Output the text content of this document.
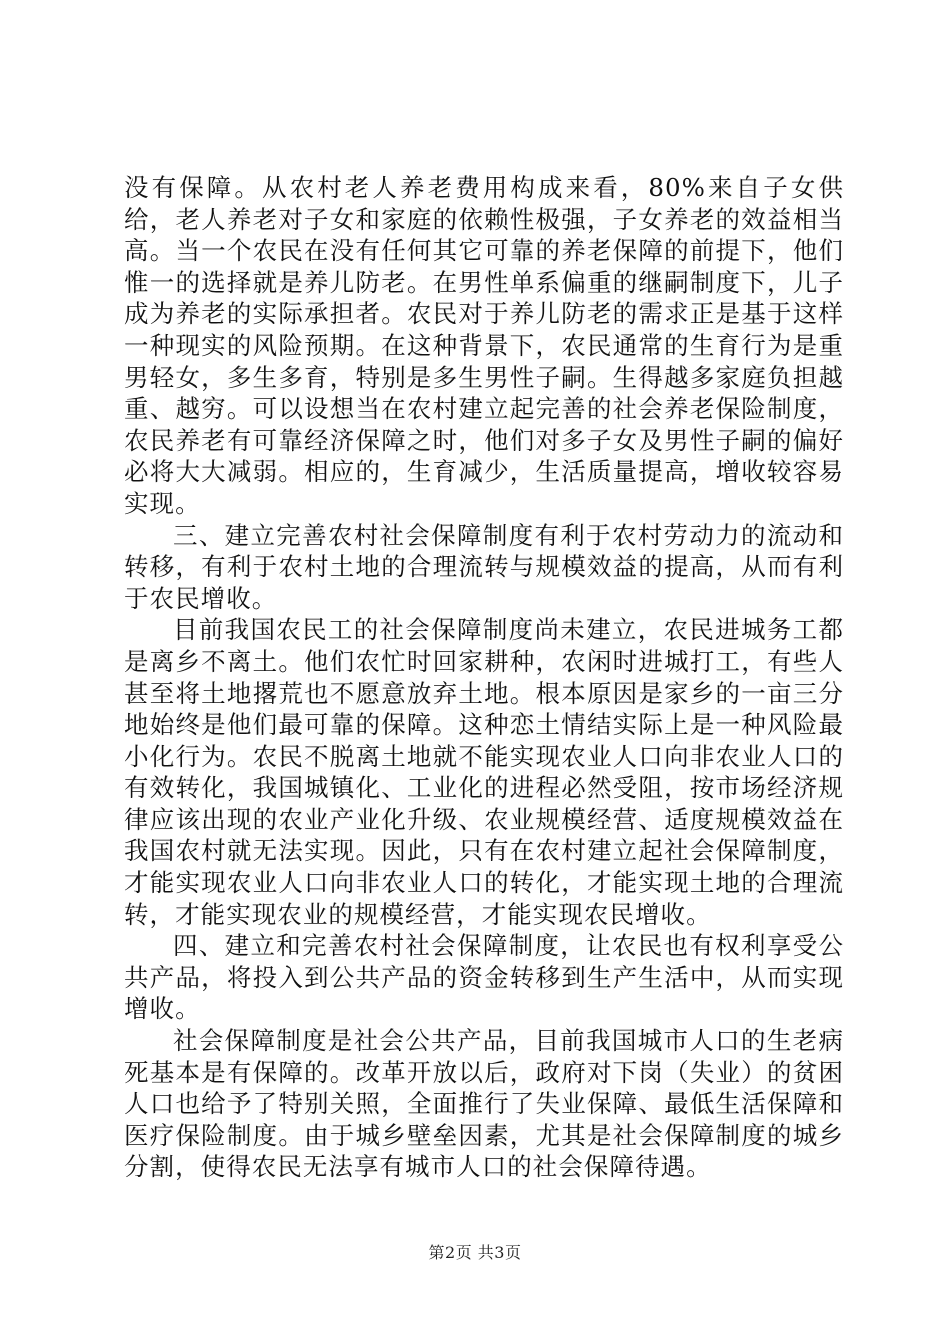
没有保障。从农村老人养老费用构成来看，80%来自子女供给，老人养老对子女和家庭的依赖性极强，子女养老的效益相当高。当一个农民在没有任何其它可靠的养老保障的前提下，他们惟一的选择就是养儿防老。在男性单系偏重的继嗣制度下，儿子成为养老的实际承担者。农民对于养儿防老的需求正是基于这样一种现实的风险预期。在这种背景下，农民通常的生育行为是重男轻女，多生多育，特别是多生男性子嗣。生得越多家庭负担越重、越穷。可以设想当在农村建立起完善的社会养老保险制度，农民养老有可靠经济保障之时，他们对多子女及男性子嗣的偏好必将大大减弱。相应的，生育减少，生活质量提高，增收较容易实现。

三、建立完善农村社会保障制度有利于农村劳动力的流动和转移，有利于农村土地的合理流转与规模效益的提高，从而有利于农民增收。

目前我国农民工的社会保障制度尚未建立，农民进城务工都是离乡不离土。他们农忙时回家耕种，农闲时进城打工，有些人甚至将土地撂荒也不愿意放弃土地。根本原因是家乡的一亩三分地始终是他们最可靠的保障。这种恋土情结实际上是一种风险最小化行为。农民不脱离土地就不能实现农业人口向非农业人口的有效转化，我国城镇化、工业化的进程必然受阻，按市场经济规律应该出现的农业产业化升级、农业规模经营、适度规模效益在我国农村就无法实现。因此，只有在农村建立起社会保障制度，才能实现农业人口向非农业人口的转化，才能实现土地的合理流转，才能实现农业的规模经营，才能实现农民增收。

四、建立和完善农村社会保障制度，让农民也有权利享受公共产品，将投入到公共产品的资金转移到生产生活中，从而实现增收。

社会保障制度是社会公共产品，目前我国城市人口的生老病死基本是有保障的。改革开放以后，政府对下岗（失业）的贫困人口也给予了特别关照，全面推行了失业保障、最低生活保障和医疗保险制度。由于城乡壁垒因素，尤其是社会保障制度的城乡分割，使得农民无法享有城市人口的社会保障待遇。

第2页 共3页
